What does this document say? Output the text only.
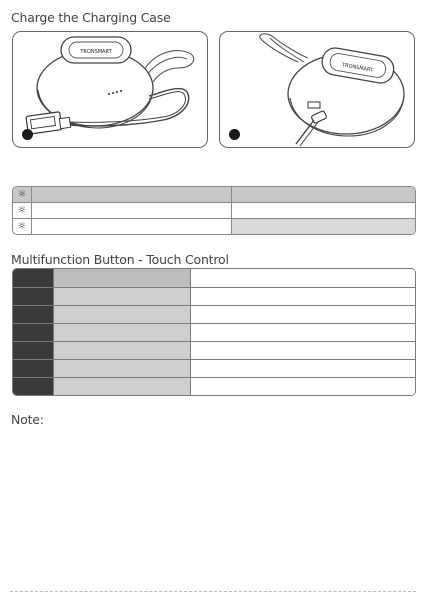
Charge the Charging Case
TRONSMART
TRONSMART
☼
☼
☼
Multifunction Button - Touch Control
Note:
